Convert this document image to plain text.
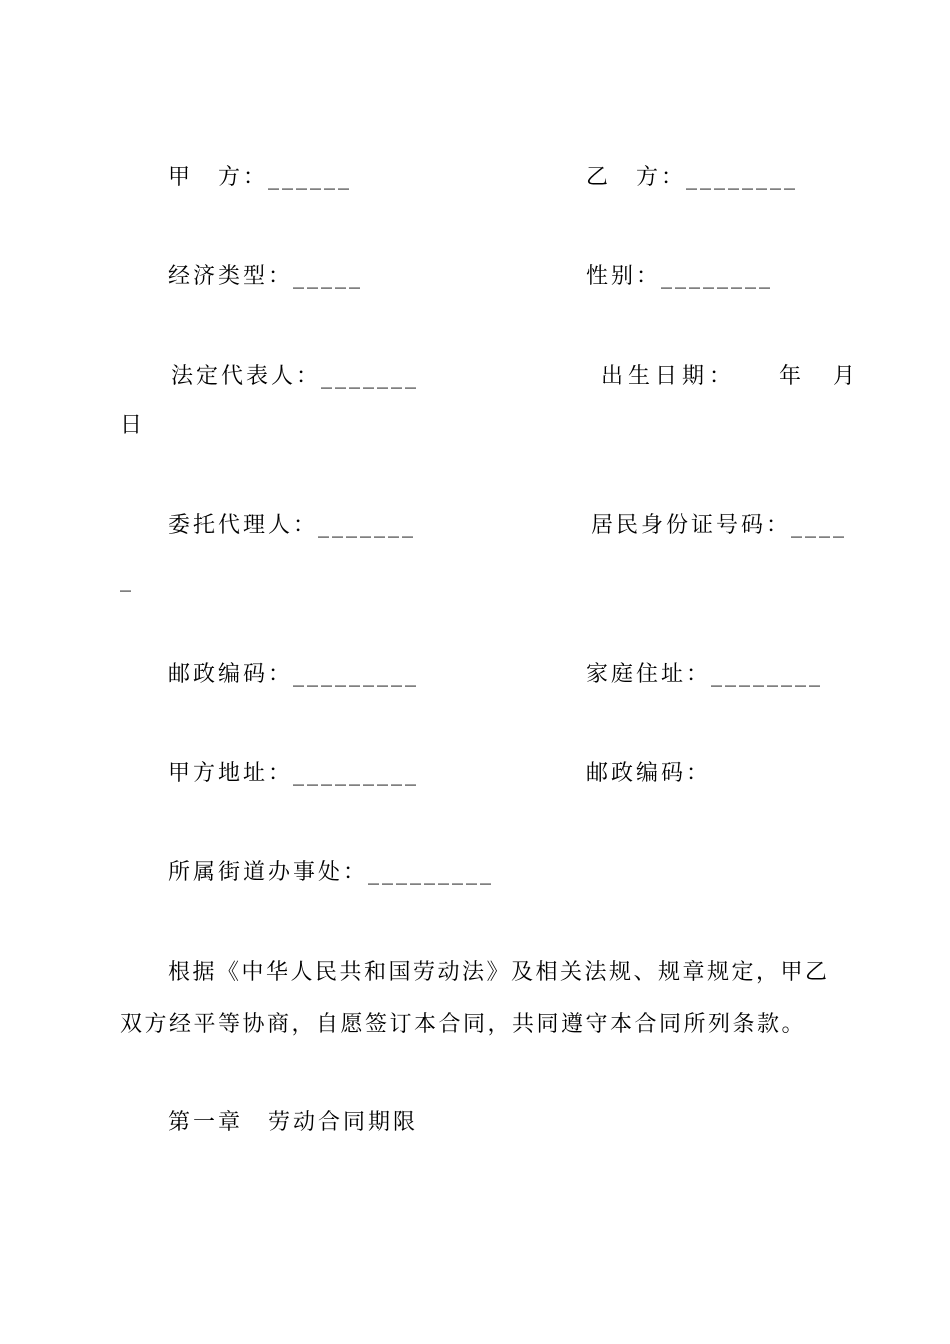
甲　方：______	乙　方：________
经济类型：_____	性别：________
法定代表人：_______	出生日期：　　年　月
日
委托代理人：_______	居民身份证号码：____
_
邮政编码：_________	家庭住址：________
甲方地址：_________	邮政编码：
所属街道办事处：_________
根据《中华人民共和国劳动法》及相关法规、规章规定，甲乙
双方经平等协商，自愿签订本合同，共同遵守本合同所列条款。
第一章　劳动合同期限
